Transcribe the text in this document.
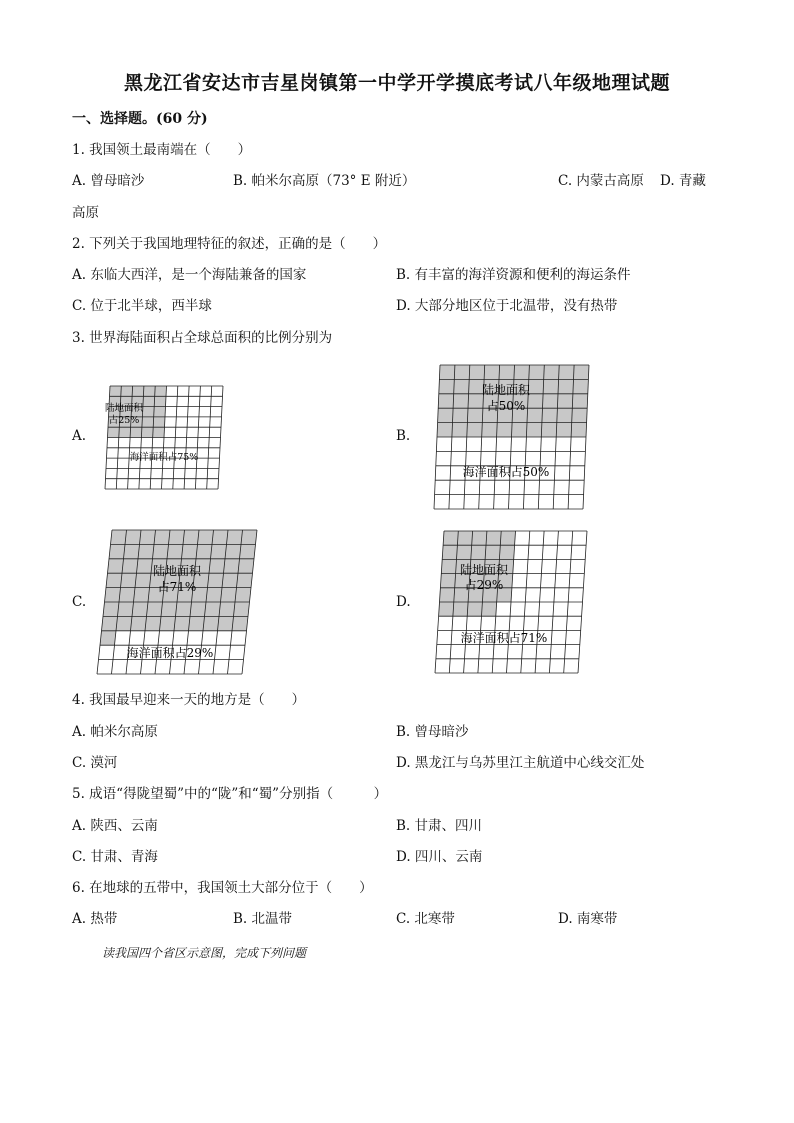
黑龙江省安达市吉星岗镇第一中学开学摸底考试八年级地理试题
一、选择题。(60 分)
1. 我国领土最南端在（　　）
A. 曾母暗沙	B. 帕米尔高原（73° E 附近）	C. 内蒙古高原 D. 青藏
高原
2. 下列关于我国地理特征的叙述，正确的是（　　）
A. 东临大西洋，是一个海陆兼备的国家	B. 有丰富的海洋资源和便利的海运条件
C. 位于北半球，西半球	D. 大部分地区位于北温带，没有热带
3. 世界海陆面积占全球总面积的比例分别为
A.	B.
C.	D.
陆地面积
占25%
海洋面积占75%
陆地面积
占50%
海洋面积占50%
陆地面积
占71%
海洋面积占29%
陆地面积
占29%
海洋面积占71%
4. 我国最早迎来一天的地方是（　　）
A. 帕米尔高原	B. 曾母暗沙
C. 漠河	D. 黑龙江与乌苏里江主航道中心线交汇处
5. 成语“得陇望蜀”中的“陇”和“蜀”分别指（　　　）
A. 陕西、云南	B. 甘肃、四川
C. 甘肃、青海	D. 四川、云南
6. 在地球的五带中，我国领土大部分位于（　　）
A. 热带	B. 北温带	C. 北寒带	D. 南寒带
读我国四个省区示意图，完成下列问题
